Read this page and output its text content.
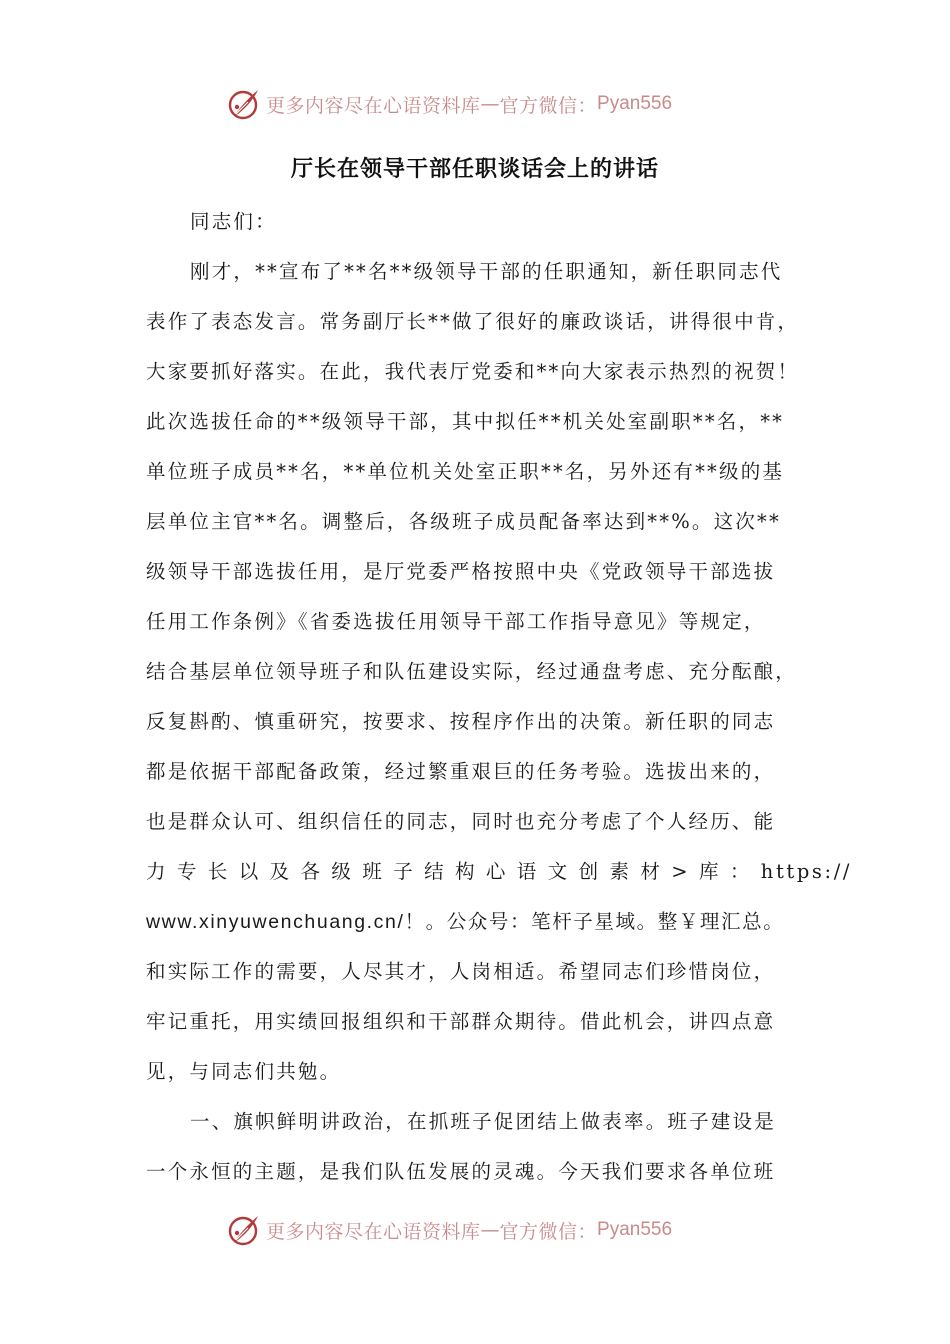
更多内容尽在心语资料库 — 官方微信： Pyan556
厅长在领导干部任职谈话会上的讲话
同志们：
刚才，**宣布了**名**级领导干部的任职通知，新任职同志代
表作了表态发言。常务副厅长**做了很好的廉政谈话，讲得很中肯，
大家要抓好落实。在此，我代表厅党委和**向大家表示热烈的祝贺！
此次选拔任命的**级领导干部，其中拟任**机关处室副职**名，**
单位班子成员**名，**单位机关处室正职**名，另外还有**级的基
层单位主官**名。调整后，各级班子成员配备率达到**%。这次**
级领导干部选拔任用，是厅党委严格按照中央《党政领导干部选拔
任用工作条例》《省委选拔任用领导干部工作指导意见》等规定，
结合基层单位领导班子和队伍建设实际，经过通盘考虑、充分酝酿，
反复斟酌、慎重研究，按要求、按程序作出的决策。新任职的同志
都是依据干部配备政策，经过繁重艰巨的任务考验。选拔出来的，
也是群众认可、组织信任的同志，同时也充分考虑了个人经历、能
力 专 长 以 及 各 级 班 子 结 构 心 语 文 创 素 材 > 库 ： https://
www.xinyuwenchuang.cn/！。公众号：笔杆子星域。整￥理汇总。
和实际工作的需要，人尽其才，人岗相适。希望同志们珍惜岗位，
牢记重托，用实绩回报组织和干部群众期待。借此机会，讲四点意
见，与同志们共勉。
一、旗帜鲜明讲政治，在抓班子促团结上做表率。班子建设是
一个永恒的主题，是我们队伍发展的灵魂。今天我们要求各单位班
更多内容尽在心语资料库 — 官方微信： Pyan556
